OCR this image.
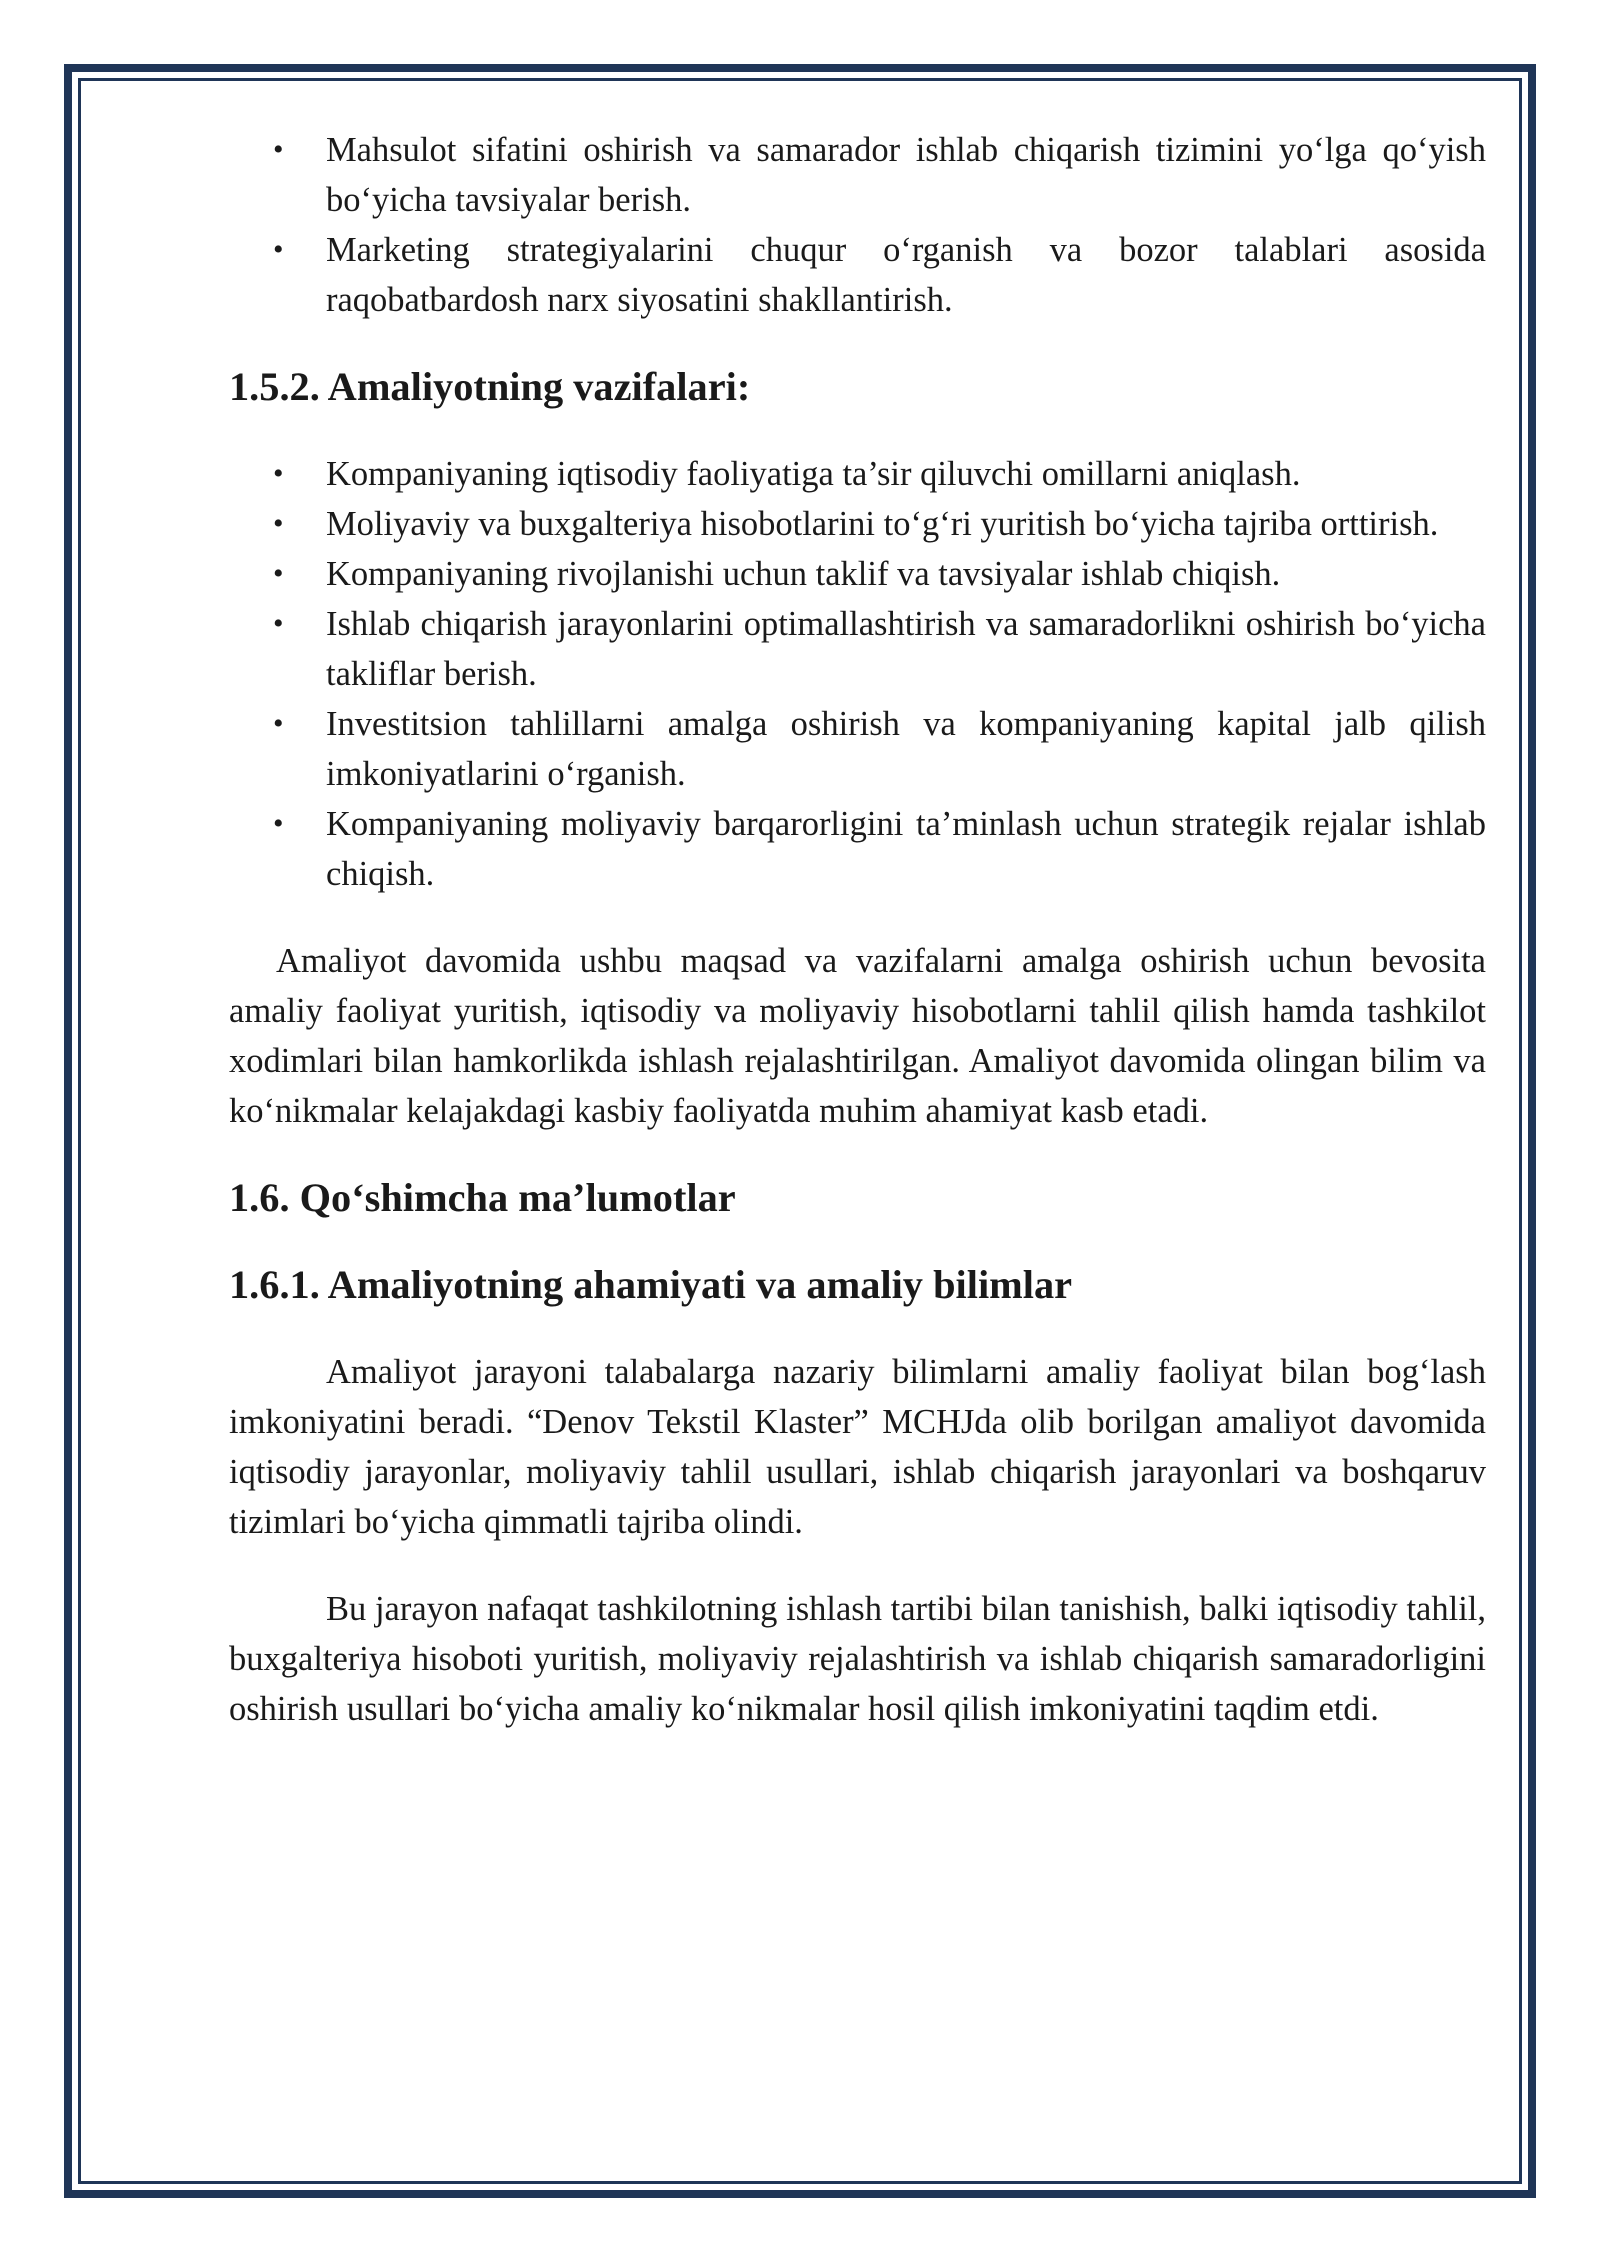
• Mahsulot sifatini oshirish va samarador ishlab chiqarish tizimini yo‘lga qo‘yish bo‘yicha tavsiyalar berish.
• Marketing strategiyalarini chuqur o‘rganish va bozor talablari asosida raqobatbardosh narx siyosatini shakllantirish.
1.5.2. Amaliyotning vazifalari:
• Kompaniyaning iqtisodiy faoliyatiga ta’sir qiluvchi omillarni aniqlash.
• Moliyaviy va buxgalteriya hisobotlarini to‘g‘ri yuritish bo‘yicha tajriba orttirish.
• Kompaniyaning rivojlanishi uchun taklif va tavsiyalar ishlab chiqish.
• Ishlab chiqarish jarayonlarini optimallashtirish va samaradorlikni oshirish bo‘yicha takliflar berish.
• Investitsion tahlillarni amalga oshirish va kompaniyaning kapital jalb qilish imkoniyatlarini o‘rganish.
• Kompaniyaning moliyaviy barqarorligini ta’minlash uchun strategik rejalar ishlab chiqish.

Amaliyot davomida ushbu maqsad va vazifalarni amalga oshirish uchun bevosita amaliy faoliyat yuritish, iqtisodiy va moliyaviy hisobotlarni tahlil qilish hamda tashkilot xodimlari bilan hamkorlikda ishlash rejalashtirilgan. Amaliyot davomida olingan bilim va ko‘nikmalar kelajakdagi kasbiy faoliyatda muhim ahamiyat kasb etadi.

1.6. Qo‘shimcha ma’lumotlar
1.6.1. Amaliyotning ahamiyati va amaliy bilimlar

Amaliyot jarayoni talabalarga nazariy bilimlarni amaliy faoliyat bilan bog‘lash imkoniyatini beradi. “Denov Tekstil Klaster” MCHJda olib borilgan amaliyot davomida iqtisodiy jarayonlar, moliyaviy tahlil usullari, ishlab chiqarish jarayonlari va boshqaruv tizimlari bo‘yicha qimmatli tajriba olindi.

Bu jarayon nafaqat tashkilotning ishlash tartibi bilan tanishish, balki iqtisodiy tahlil, buxgalteriya hisoboti yuritish, moliyaviy rejalashtirish va ishlab chiqarish samaradorligini oshirish usullari bo‘yicha amaliy ko‘nikmalar hosil qilish imkoniyatini taqdim etdi.
